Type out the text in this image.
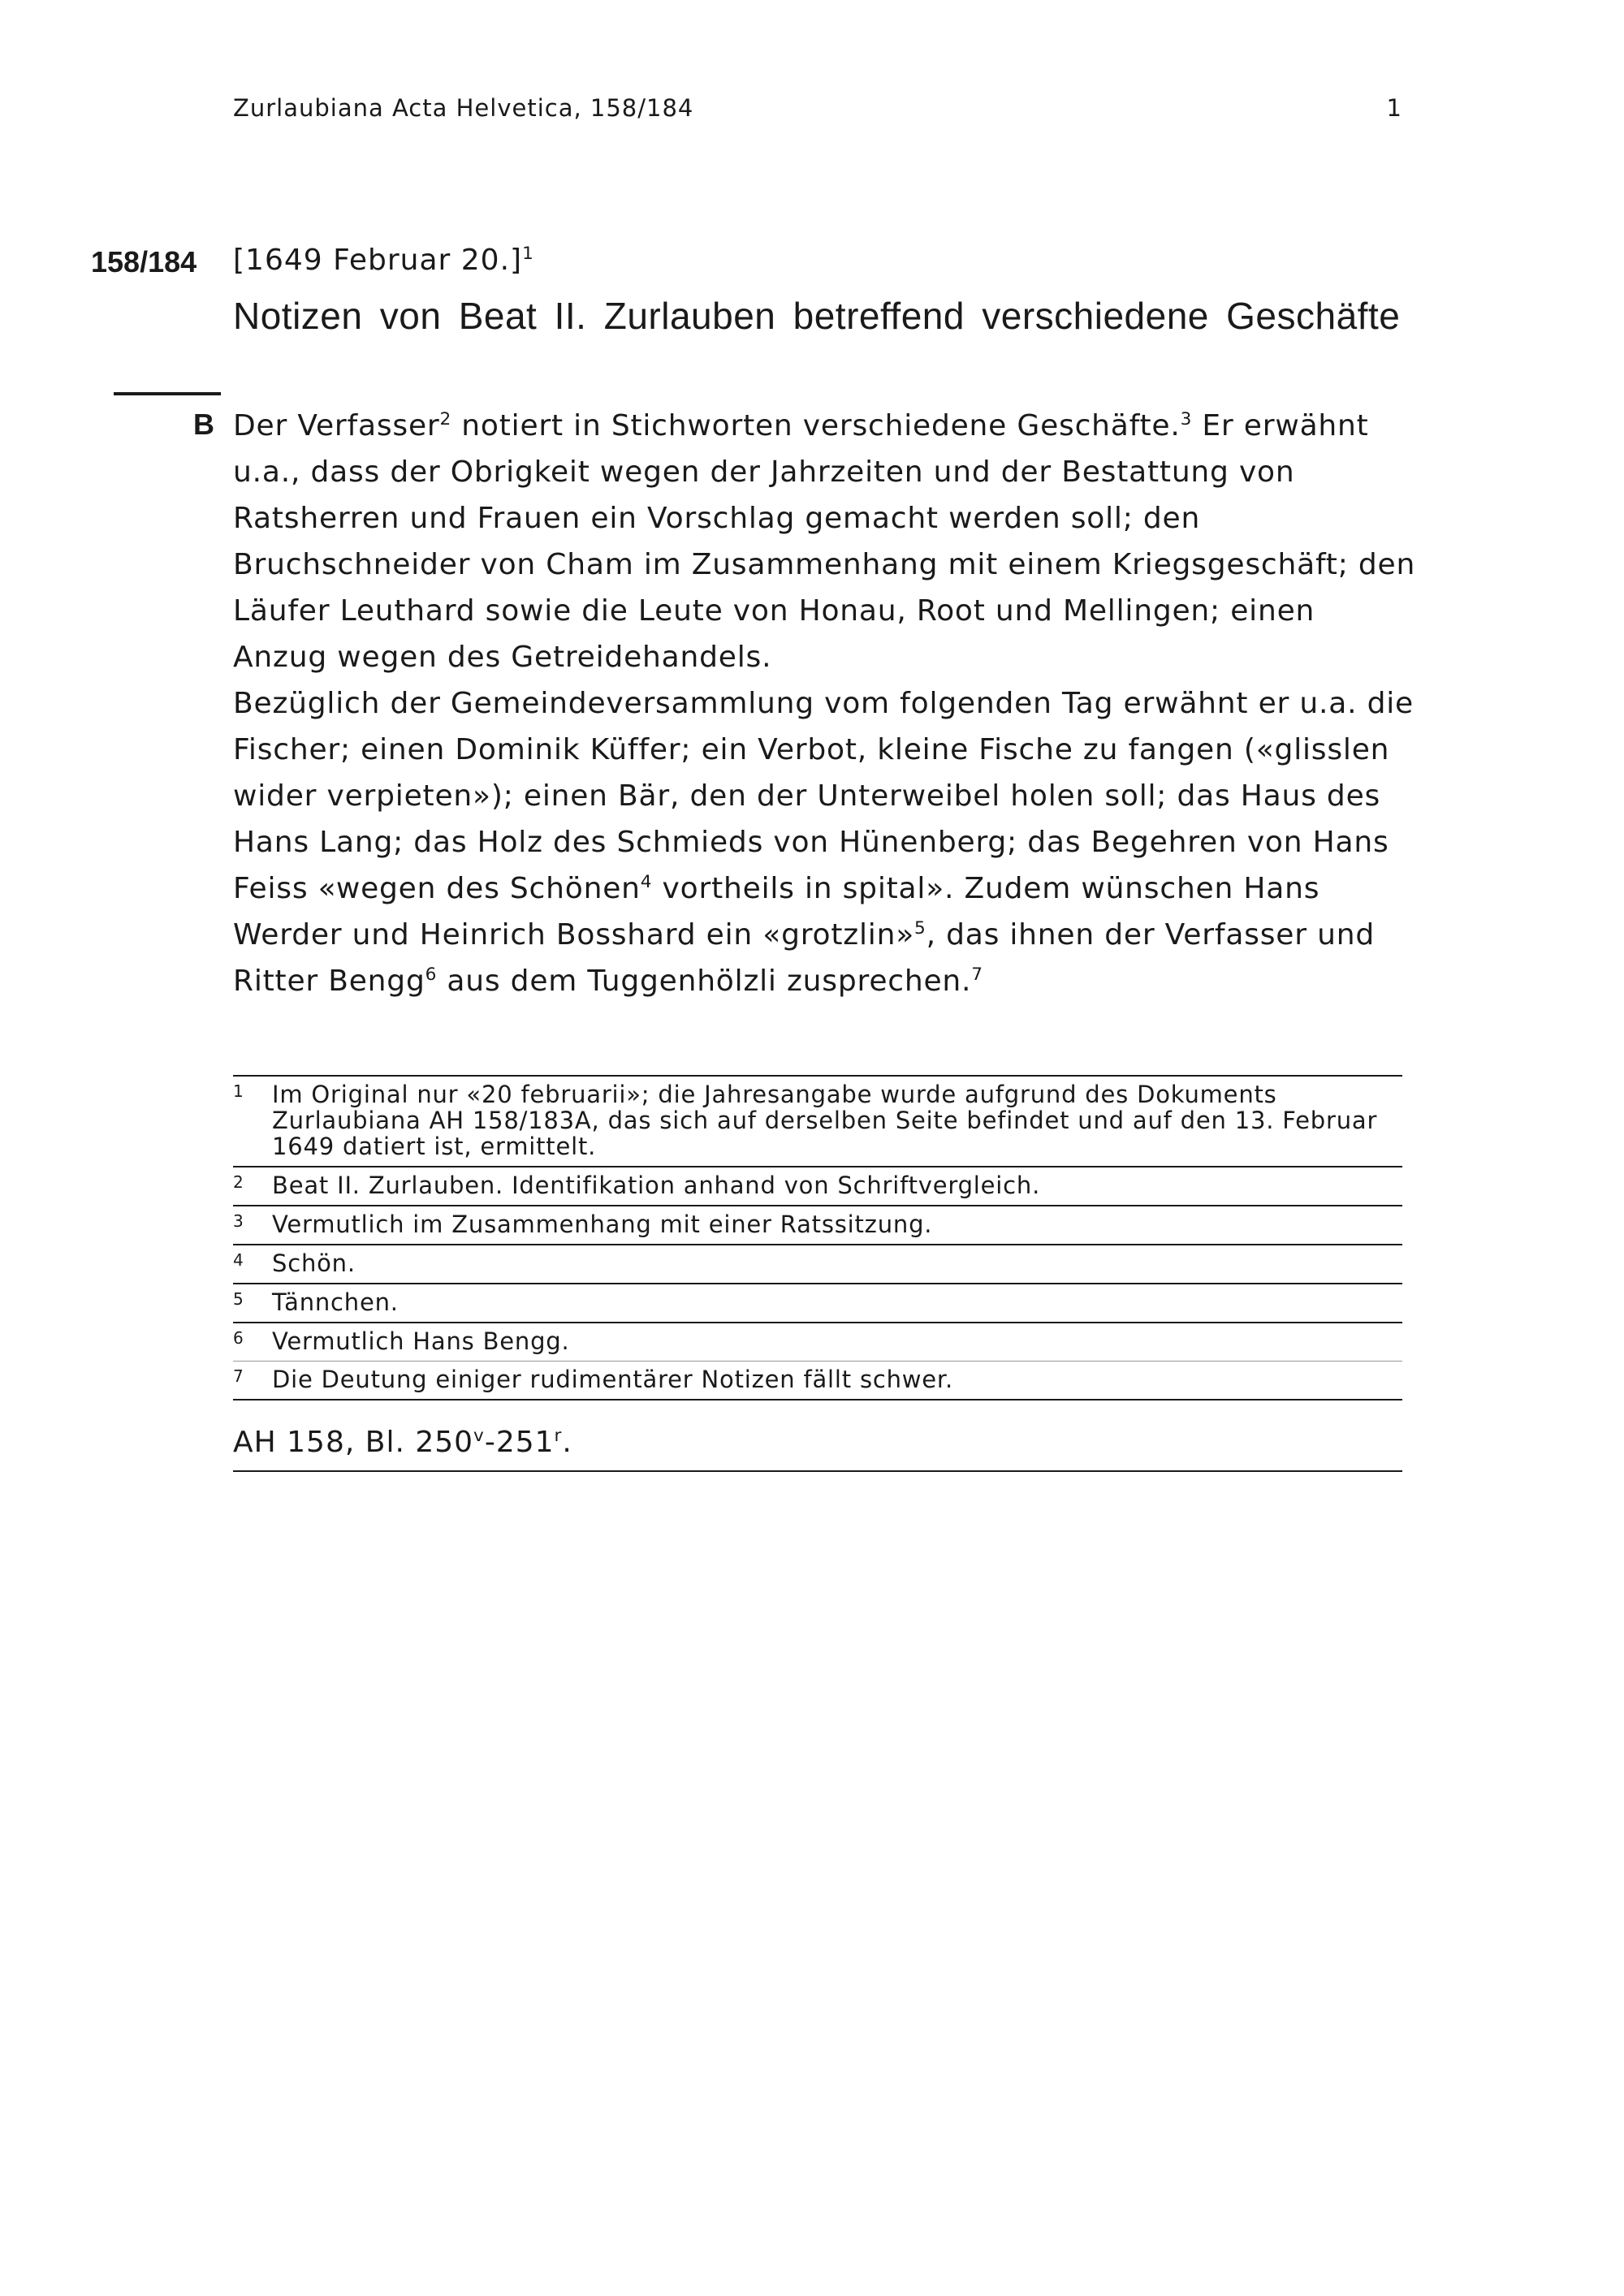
Zurlaubiana Acta Helvetica, 158/184	1
158/184	[1649 Februar 20.]$^1$
Notizen von Beat II. Zurlauben betreffend verschiedene Geschäfte
B Der Verfasser$^2$ notiert in Stichworten verschiedene Geschäfte.$^3$ Er erwähnt u.a., dass der Obrigkeit wegen der Jahrzeiten und der Bestattung von Ratsherren und Frauen ein Vorschlag gemacht werden soll; den Bruchschneider von Cham im Zusammenhang mit einem Kriegsgeschäft; den Läufer Leuthard sowie die Leute von Honau, Root und Mellingen; einen Anzug wegen des Getreidehandels.

Bezüglich der Gemeindeversammlung vom folgenden Tag erwähnt er u.a. die Fischer; einen Dominik Küffer; ein Verbot, kleine Fische zu fangen («glisslen wider verpieten»); einen Bär, den der Unterweibel holen soll; das Haus des Hans Lang; das Holz des Schmieds von Hünenberg; das Begehren von Hans Feiss «wegen des Schönen$^4$ vortheils in spital». Zudem wünschen Hans Werder und Heinrich Bosshard ein «grotzlin»$^5$, das ihnen der Verfasser und Ritter Bengg$^6$ aus dem Tuggenhölzli zusprechen.$^7$

1	Im Original nur «20 februarii»; die Jahresangabe wurde aufgrund des Dokuments Zurlaubiana AH 158/183A, das sich auf derselben Seite befindet und auf den 13. Februar 1649 datiert ist, ermittelt.
2	Beat II. Zurlauben. Identifikation anhand von Schriftvergleich.
3	Vermutlich im Zusammenhang mit einer Ratssitzung.
4	Schön.
5	Tännchen.
6	Vermutlich Hans Bengg.
7	Die Deutung einiger rudimentärer Notizen fällt schwer.
AH 158, Bl. 250$^v$-251$^r$.
